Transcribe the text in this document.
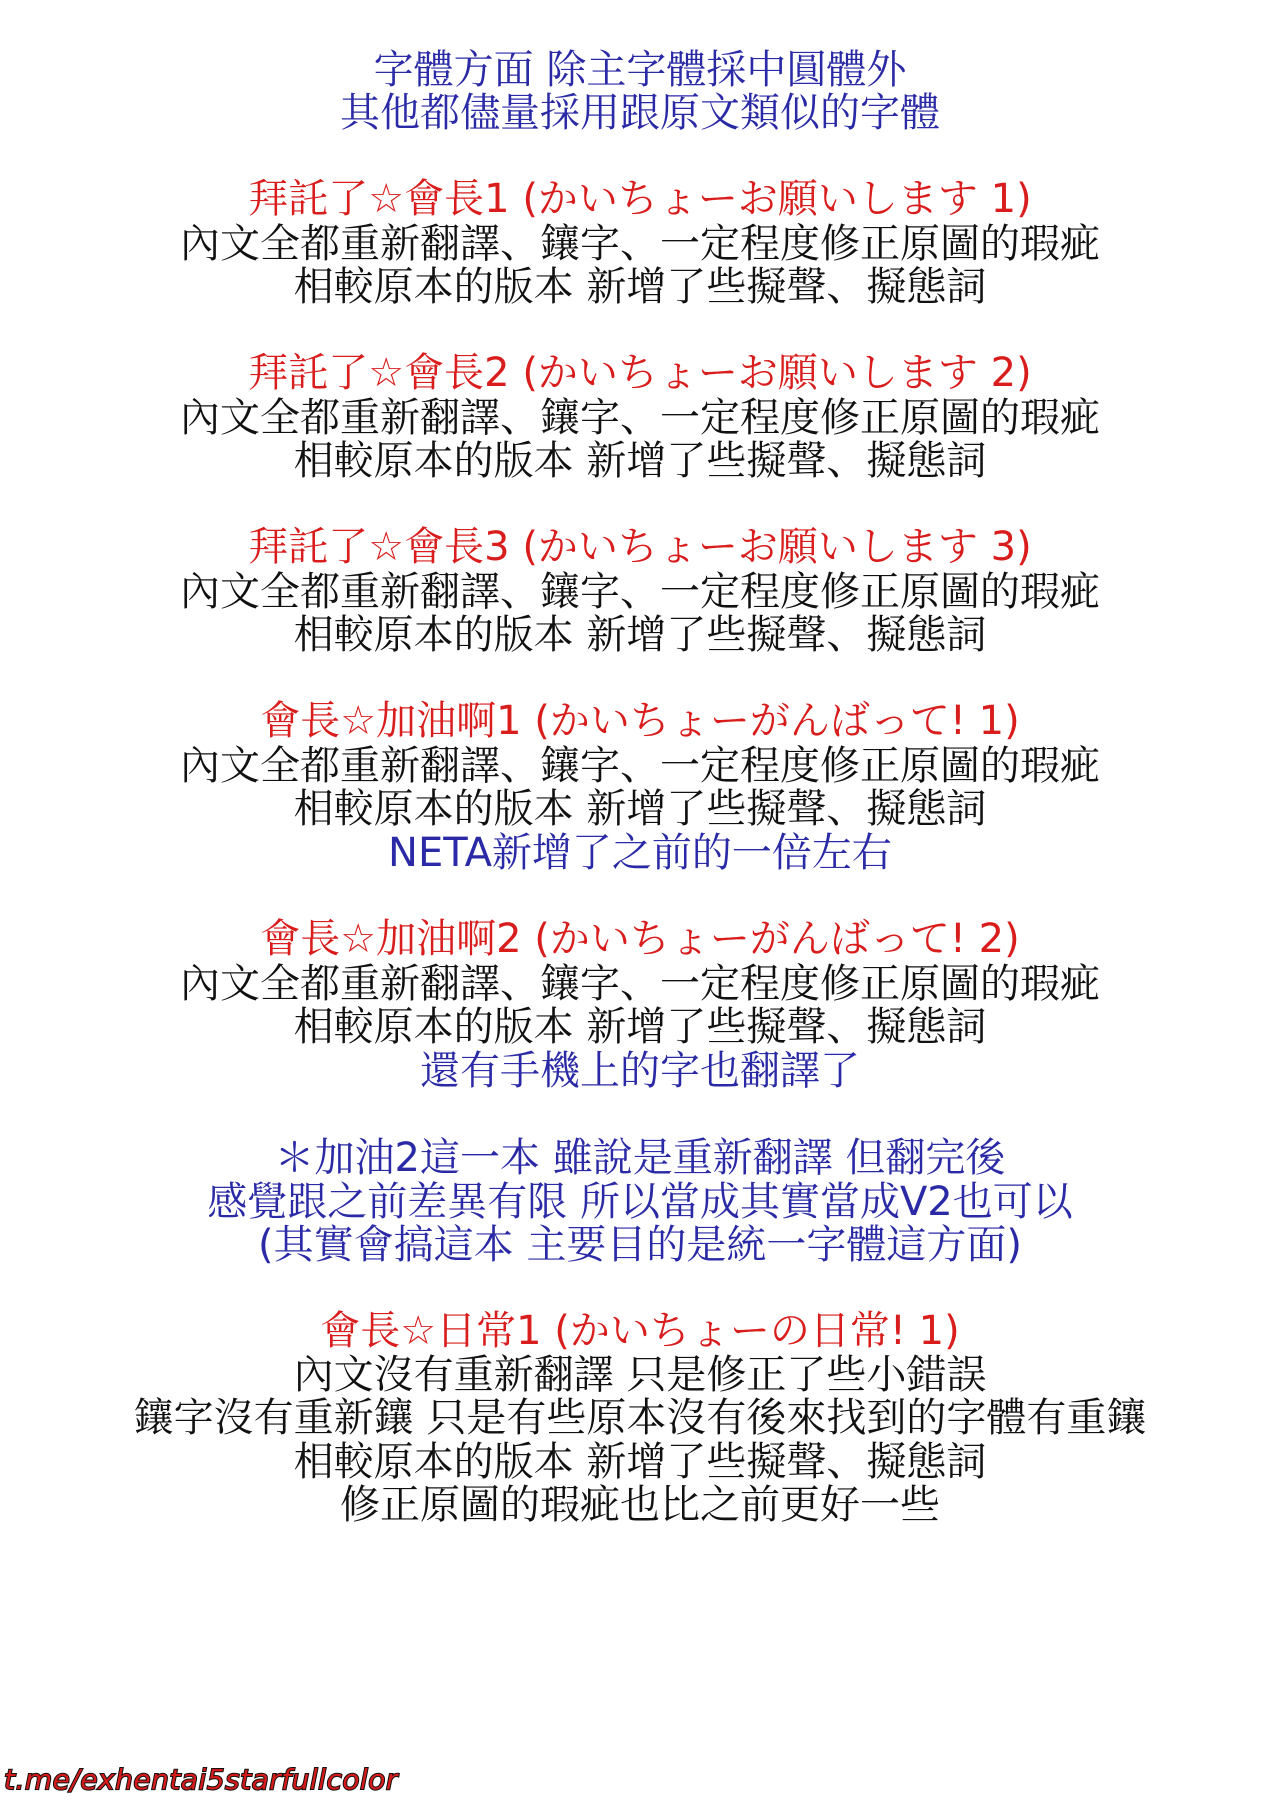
字體方面 除主字體採中圓體外
其他都儘量採用跟原文類似的字體
拜託了☆會長1 (かいちょーお願いします 1)
內文全都重新翻譯、鑲字、一定程度修正原圖的瑕疵
相較原本的版本 新增了些擬聲、擬態詞
拜託了☆會長2 (かいちょーお願いします 2)
內文全都重新翻譯、鑲字、一定程度修正原圖的瑕疵
相較原本的版本 新增了些擬聲、擬態詞
拜託了☆會長3 (かいちょーお願いします 3)
內文全都重新翻譯、鑲字、一定程度修正原圖的瑕疵
相較原本的版本 新增了些擬聲、擬態詞
會長☆加油啊1 (かいちょーがんばって! 1)
內文全都重新翻譯、鑲字、一定程度修正原圖的瑕疵
相較原本的版本 新增了些擬聲、擬態詞
NETA新增了之前的一倍左右
會長☆加油啊2 (かいちょーがんばって! 2)
內文全都重新翻譯、鑲字、一定程度修正原圖的瑕疵
相較原本的版本 新增了些擬聲、擬態詞
還有手機上的字也翻譯了
＊加油2這一本 雖說是重新翻譯 但翻完後
感覺跟之前差異有限 所以當成其實當成V2也可以
(其實會搞這本 主要目的是統一字體這方面)
會長☆日常1 (かいちょーの日常! 1)
內文沒有重新翻譯 只是修正了些小錯誤
鑲字沒有重新鑲 只是有些原本沒有後來找到的字體有重鑲
相較原本的版本 新增了些擬聲、擬態詞
修正原圖的瑕疵也比之前更好一些
t.me/exhentai5starfullcolor
